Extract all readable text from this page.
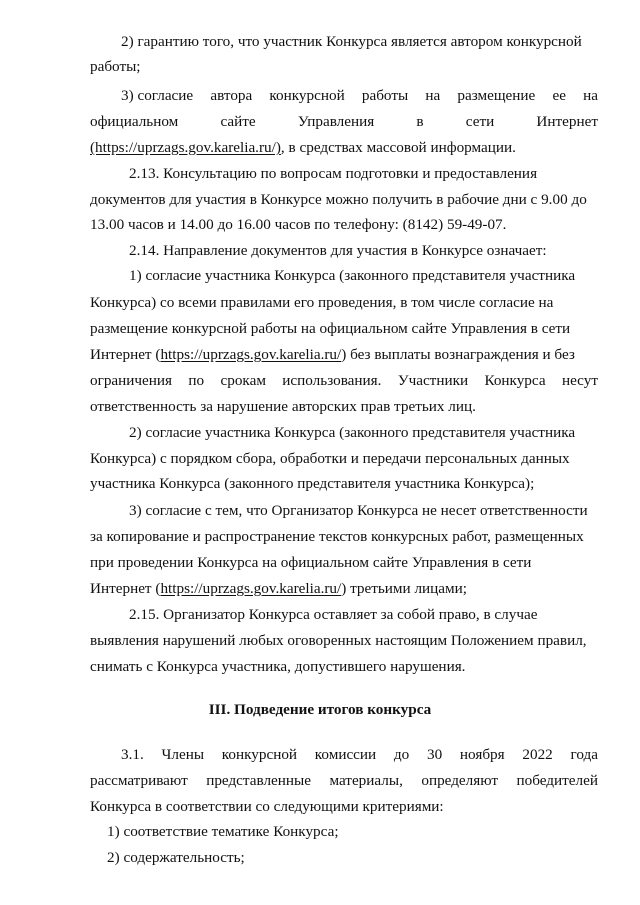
2) гарантию того, что участник Конкурса является автором конкурсной
работы;
3) согласие автора конкурсной работы на размещение ее на
официальном	сайте	Управления	в	сети	Интернет
(https://uprzags.gov.karelia.ru/), в средствах массовой информации.
2.13. Консультацию по вопросам подготовки и предоставления
документов для участия в Конкурсе можно получить в рабочие дни с 9.00 до
13.00 часов и 14.00 до 16.00 часов по телефону: (8142) 59-49-07.
2.14. Направление документов для участия в Конкурсе означает:
1) согласие участника Конкурса (законного представителя участника
Конкурса) со всеми правилами его проведения, в том числе согласие на
размещение конкурсной работы на официальном сайте Управления в сети
Интернет (https://uprzags.gov.karelia.ru/) без выплаты вознаграждения и без
ограничения по срокам использования. Участники Конкурса несут
ответственность за нарушение авторских прав третьих лиц.
2) согласие участника Конкурса (законного представителя участника
Конкурса) с порядком сбора, обработки и передачи персональных данных
участника Конкурса (законного представителя участника Конкурса);
3) согласие с тем, что Организатор Конкурса не несет ответственности
за копирование и распространение текстов конкурсных работ, размещенных
при проведении Конкурса на официальном сайте Управления в сети
Интернет (https://uprzags.gov.karelia.ru/) третьими лицами;
2.15. Организатор Конкурса оставляет за собой право, в случае
выявления нарушений любых оговоренных настоящим Положением правил,
снимать с Конкурса участника, допустившего нарушения.
III. Подведение итогов конкурса
3.1. Члены конкурсной комиссии до 30 ноября 2022 года
рассматривают представленные материалы, определяют победителей
Конкурса в соответствии со следующими критериями:
1) соответствие тематике Конкурса;
2) содержательность;
